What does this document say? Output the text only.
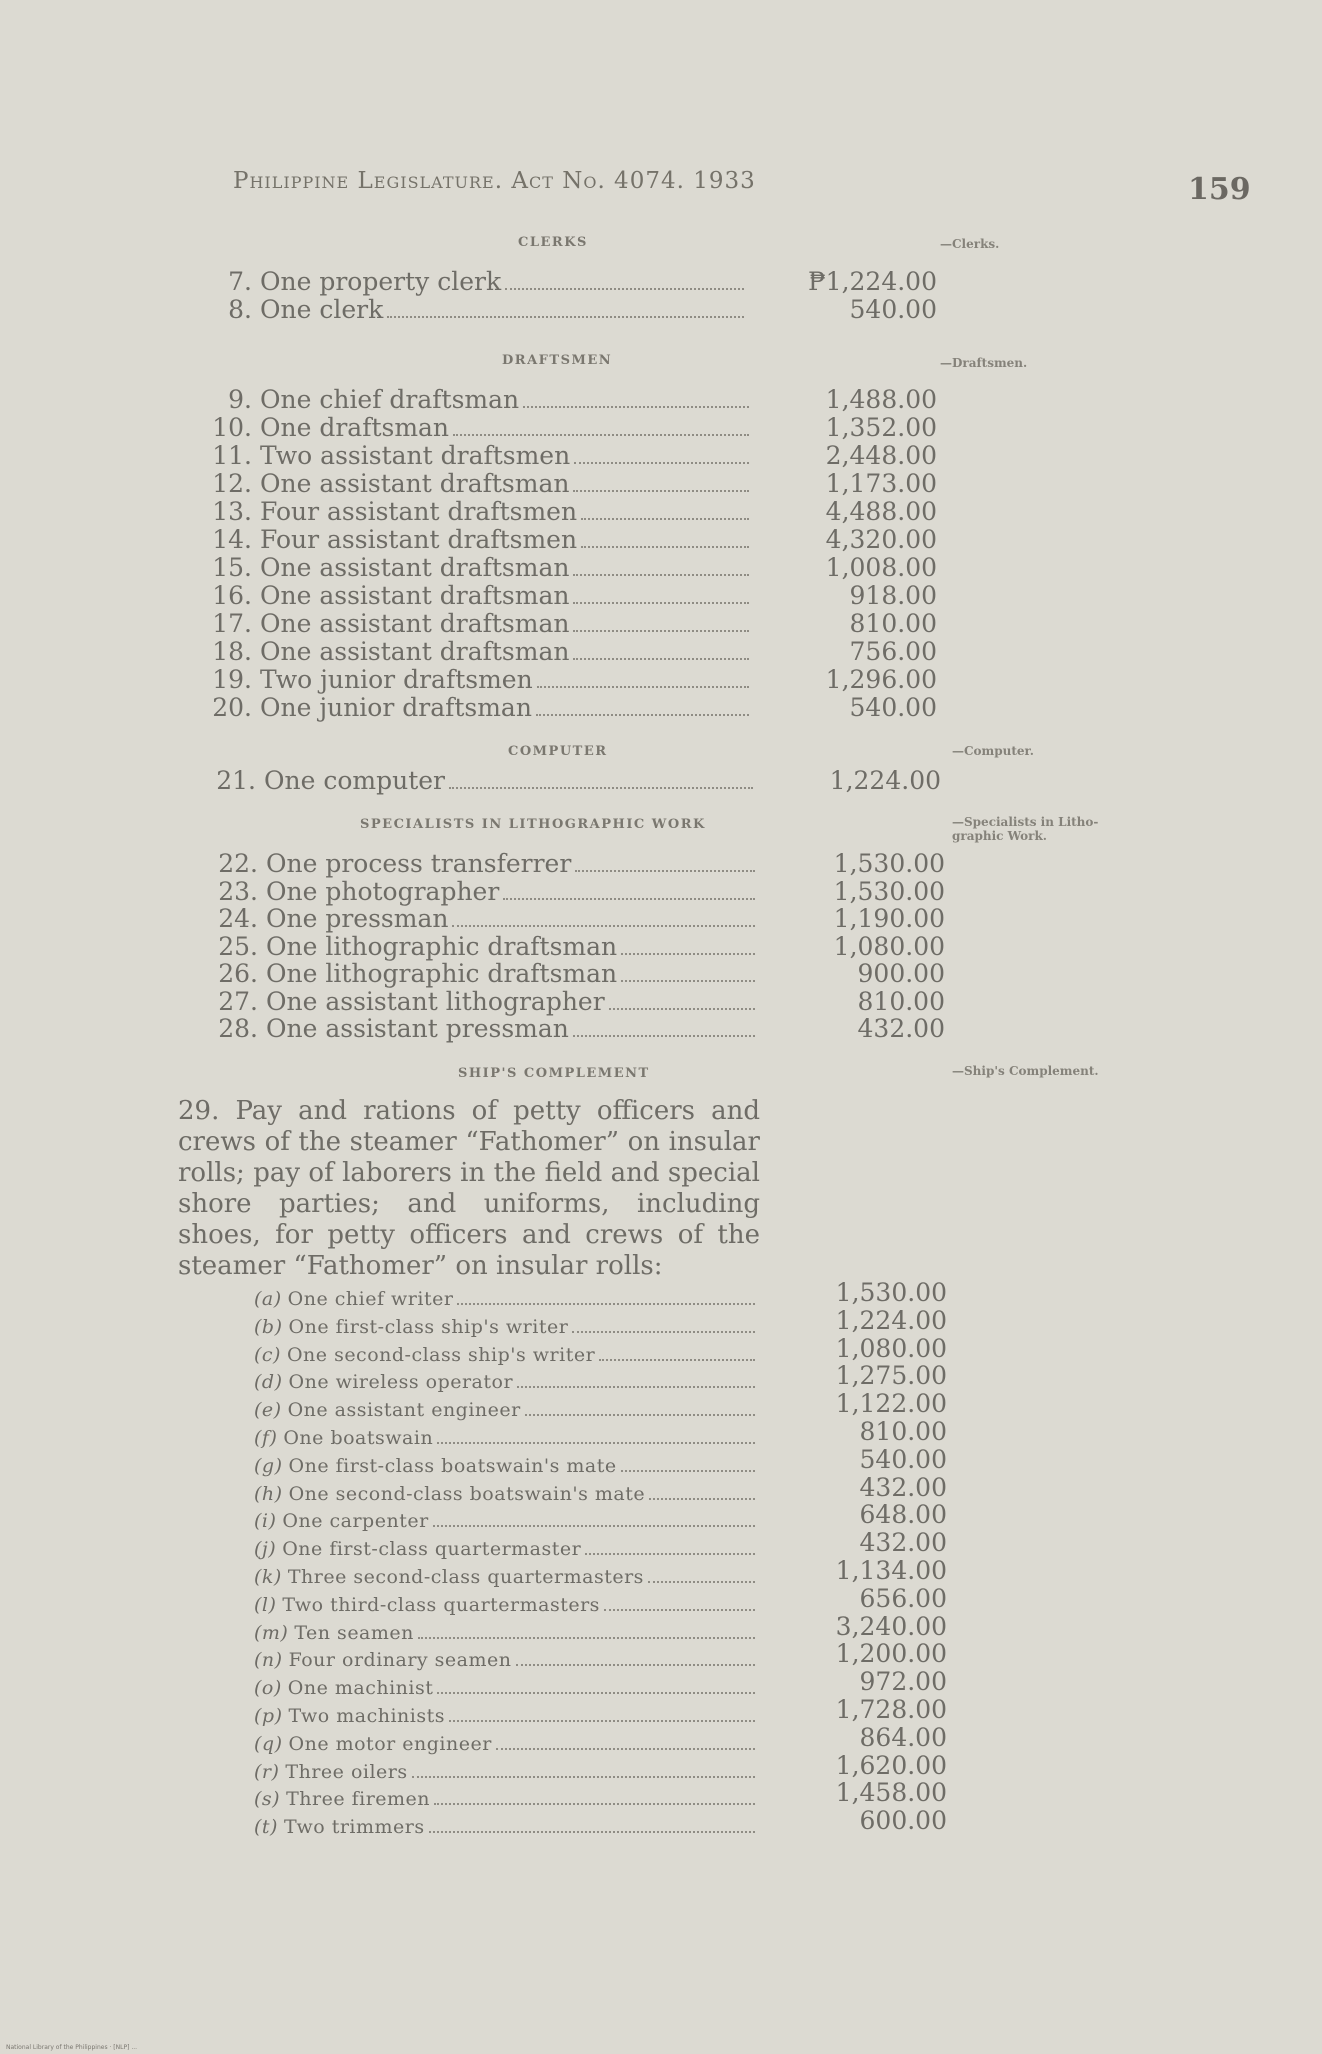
Philippine Legislature. Act No. 4074. 1933	159
CLERKS	—Clerks.
7. One property clerk	₱1,224.00
8. One clerk	540.00
DRAFTSMEN	—Draftsmen.
9. One chief draftsman	1,488.00
10. One draftsman	1,352.00
11. Two assistant draftsmen	2,448.00
12. One assistant draftsman	1,173.00
13. Four assistant draftsmen	4,488.00
14. Four assistant draftsmen	4,320.00
15. One assistant draftsman	1,008.00
16. One assistant draftsman	918.00
17. One assistant draftsman	810.00
18. One assistant draftsman	756.00
19. Two junior draftsmen	1,296.00
20. One junior draftsman	540.00
COMPUTER	—Computer.
21. One computer	1,224.00
SPECIALISTS IN LITHOGRAPHIC WORK	—Specialists in Litho-
graphic Work.
22. One process transferrer	1,530.00
23. One photographer	1,530.00
24. One pressman	1,190.00
25. One lithographic draftsman	1,080.00
26. One lithographic draftsman	900.00
27. One assistant lithographer	810.00
28. One assistant pressman	432.00
SHIP'S COMPLEMENT	—Ship's Complement.
29. Pay and rations of petty officers and crews of the steamer “Fathomer” on insular rolls; pay of laborers in the field and special shore parties; and uniforms, including shoes, for petty officers and crews of the steamer “Fathomer” on insular rolls:
(a) One chief writer	1,530.00
(b) One first-class ship's writer	1,224.00
(c) One second-class ship's writer	1,080.00
(d) One wireless operator	1,275.00
(e) One assistant engineer	1,122.00
(f) One boatswain	810.00
(g) One first-class boatswain's mate	540.00
(h) One second-class boatswain's mate	432.00
(i) One carpenter	648.00
(j) One first-class quartermaster	432.00
(k) Three second-class quartermasters	1,134.00
(l) Two third-class quartermasters	656.00
(m) Ten seamen	3,240.00
(n) Four ordinary seamen	1,200.00
(o) One machinist	972.00
(p) Two machinists	1,728.00
(q) One motor engineer	864.00
(r) Three oilers	1,620.00
(s) Three firemen	1,458.00
(t) Two trimmers	600.00
National Library of the Philippines · [NLP] ...
